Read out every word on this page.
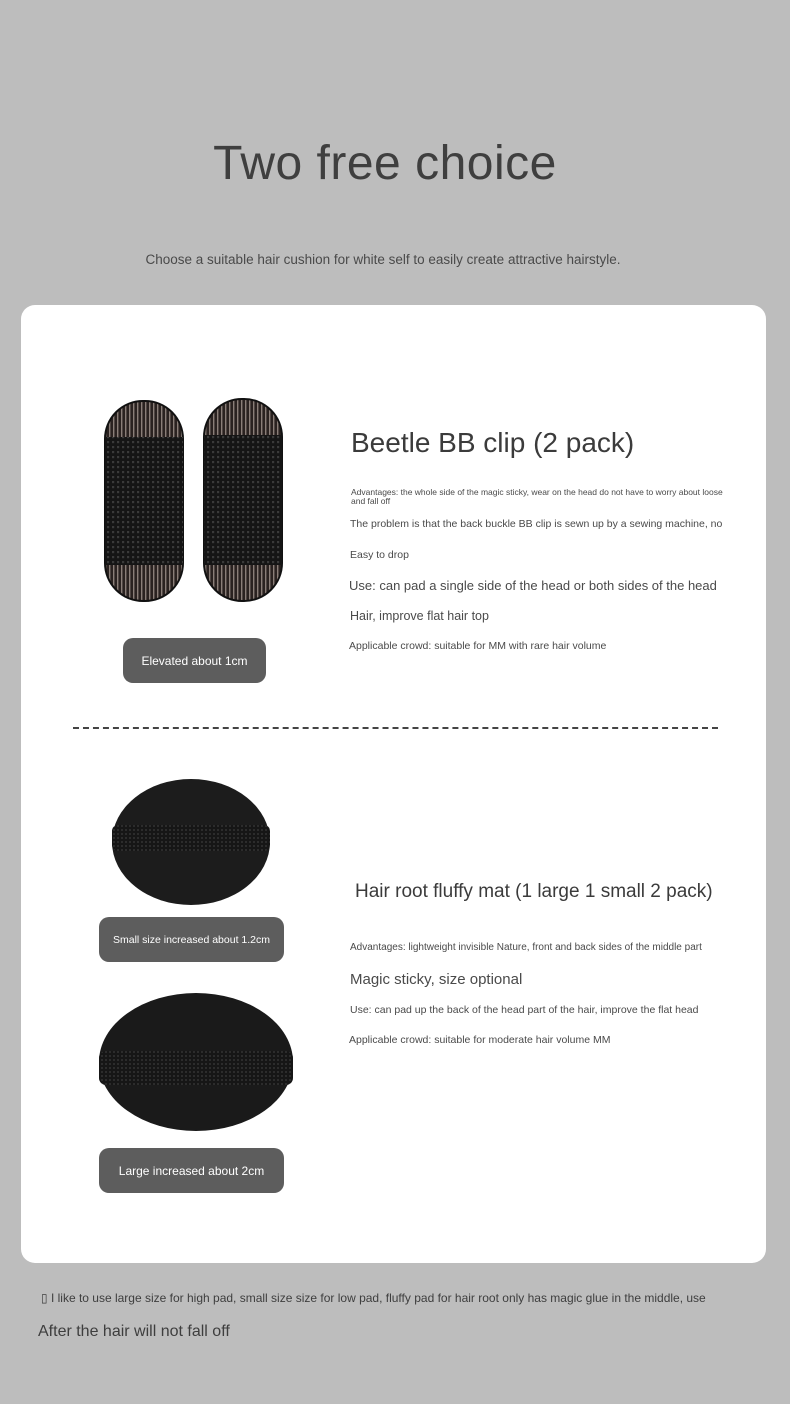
Two free choice

Choose a suitable hair cushion for white self to easily create attractive hairstyle.

Elevated about 1cm
Beetle BB clip (2 pack)

Advantages: the whole side of the magic sticky, wear on the head do not have to worry about loose

and fall off

The problem is that the back buckle BB clip is sewn up by a sewing machine, no

Easy to drop

Use: can pad a single side of the head or both sides of the head

Hair, improve flat hair top

Applicable crowd: suitable for MM with rare hair volume

Small size increased about 1.2cm
Large increased about 2cm
Hair root fluffy mat (1 large 1 small 2 pack)

Advantages: lightweight invisible Nature, front and back sides of the middle part

Magic sticky, size optional

Use: can pad up the back of the head part of the hair, improve the flat head

Applicable crowd: suitable for moderate hair volume MM

▯ I like to use large size for high pad, small size size for low pad, fluffy pad for hair root only has magic glue in the middle, use
After the hair will not fall off
